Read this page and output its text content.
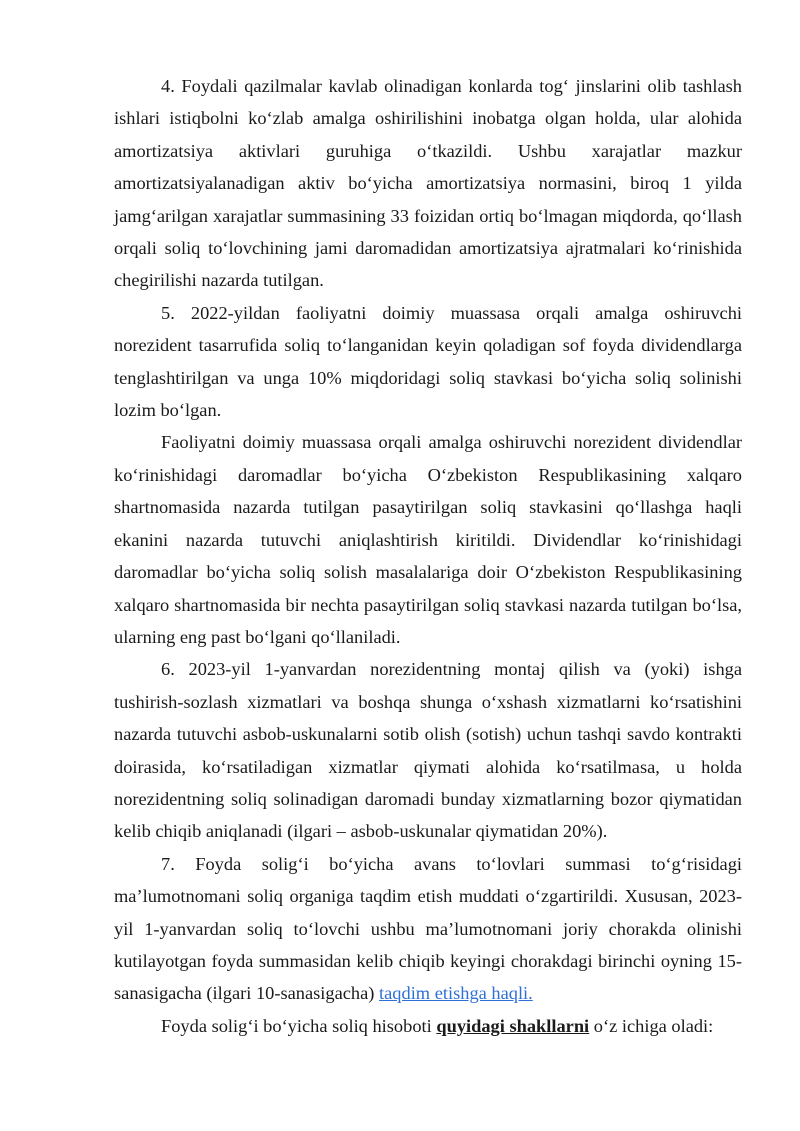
4. Foydali qazilmalar kavlab olinadigan konlarda tog‘ jinslarini olib tashlash ishlari istiqbolni ko‘zlab amalga oshirilishini inobatga olgan holda, ular alohida amortizatsiya aktivlari guruhiga o‘tkazildi. Ushbu xarajatlar mazkur amortizatsiyalanadigan aktiv bo‘yicha amortizatsiya normasini, biroq 1 yilda jamg‘arilgan xarajatlar summasining 33 foizidan ortiq bo‘lmagan miqdorda, qo‘llash orqali soliq to‘lovchining jami daromadidan amortizatsiya ajratmalari ko‘rinishida chegirilishi nazarda tutilgan.

5. 2022-yildan faoliyatni doimiy muassasa orqali amalga oshiruvchi norezident tasarrufida soliq to‘langanidan keyin qoladigan sof foyda dividendlarga tenglashtirilgan va unga 10% miqdoridagi soliq stavkasi bo‘yicha soliq solinishi lozim bo‘lgan.

Faoliyatni doimiy muassasa orqali amalga oshiruvchi norezident dividendlar ko‘rinishidagi daromadlar bo‘yicha O‘zbekiston Respublikasining xalqaro shartnomasida nazarda tutilgan pasaytirilgan soliq stavkasini qo‘llashga haqli ekanini nazarda tutuvchi aniqlashtirish kiritildi. Dividendlar ko‘rinishidagi daromadlar bo‘yicha soliq solish masalalariga doir O‘zbekiston Respublikasining xalqaro shartnomasida bir nechta pasaytirilgan soliq stavkasi nazarda tutilgan bo‘lsa, ularning eng past bo‘lgani qo‘llaniladi.

6. 2023-yil 1-yanvardan norezidentning montaj qilish va (yoki) ishga tushirish-sozlash xizmatlari va boshqa shunga o‘xshash xizmatlarni ko‘rsatishini nazarda tutuvchi asbob-uskunalarni sotib olish (sotish) uchun tashqi savdo kontrakti doirasida, ko‘rsatiladigan xizmatlar qiymati alohida ko‘rsatilmasa, u holda norezidentning soliq solinadigan daromadi bunday xizmatlarning bozor qiymatidan kelib chiqib aniqlanadi (ilgari – asbob-uskunalar qiymatidan 20%).

7. Foyda solig‘i bo‘yicha avans to‘lovlari summasi to‘g‘risidagi ma’lumotnomani soliq organiga taqdim etish muddati o‘zgartirildi. Xususan, 2023-yil 1-yanvardan soliq to‘lovchi ushbu ma’lumotnomani joriy chorakda olinishi kutilayotgan foyda summasidan kelib chiqib keyingi chorakdagi birinchi oyning 15-sanasigacha (ilgari 10-sanasigacha) taqdim etishga haqli.

Foyda solig‘i bo‘yicha soliq hisoboti quyidagi shakllarni o‘z ichiga oladi:
